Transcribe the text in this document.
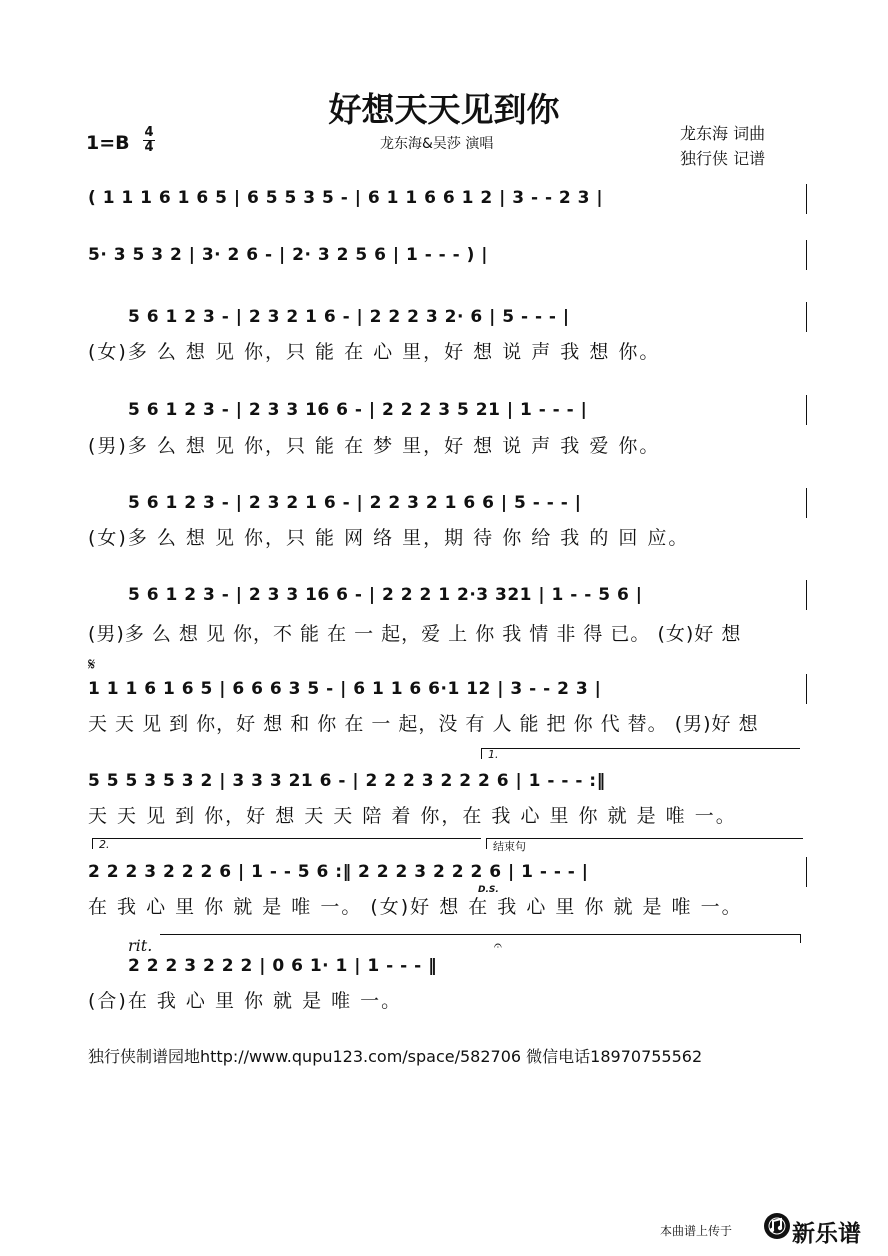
好想天天见到你
1=B 4
4	龙东海&吴莎 演唱
龙东海 词曲
独行侠 记谱
( 1 1 1 6 1 6 5 | 6 5 5 3 5 - | 6 1 1 6 6 1 2 | 3 - - 2 3 |
5· 3 5 3 2 | 3· 2 6 - | 2· 3 2 5 6 | 1 - - - ) |
5 6 1 2 3 - | 2 3 2 1 6 - | 2 2 2 3 2· 6 | 5 - - - |
(女)多 么 想 见 你，只 能 在 心 里，好 想 说 声 我 想 你。
5 6 1 2 3 - | 2 3 3 16 6 - | 2 2 2 3 5 21 | 1 - - - |
(男)多 么 想 见 你，只 能 在 梦 里，好 想 说 声 我 爱 你。
5 6 1 2 3 - | 2 3 2 1 6 - | 2 2 3 2 1 6 6 | 5 - - - |
(女)多 么 想 见 你，只 能 网 络 里，期 待 你 给 我 的 回 应。
5 6 1 2 3 - | 2 3 3 16 6 - | 2 2 2 1 2·3 321 | 1 - - 5 6 |
(男)多 么 想 见 你，不 能 在 一 起，爱 上 你 我 情 非 得 已。 (女)好 想
𝄋
1 1 1 6 1 6 5 | 6 6 6 3 5 - | 6 1 1 6 6·1 12 | 3 - - 2 3 |
天 天 见 到 你，好 想 和 你 在 一 起，没 有 人 能 把 你 代 替。 (男)好 想
1.
5 5 5 3 5 3 2 | 3 3 3 21 6 - | 2 2 2 3 2 2 2 6 | 1 - - - :‖
天 天 见 到 你，好 想 天 天 陪 着 你，在 我 心 里 你 就 是 唯 一。
2.	结束句
2 2 2 3 2 2 2 6 | 1 - - 5 6 :‖ 2 2 2 3 2 2 2 6 | 1 - - - |
D.S.
在 我 心 里 你 就 是 唯 一。 (女)好 想 在 我 心 里 你 就 是 唯 一。
rit.	𝄐
2 2 2 3 2 2 2 | 0 6 1· 1 | 1 - - - ‖
(合)在 我 心 里 你 就 是 唯 一。
独行侠制谱园地http://www.qupu123.com/space/582706 微信电话18970755562
本曲谱上传于	新乐谱
